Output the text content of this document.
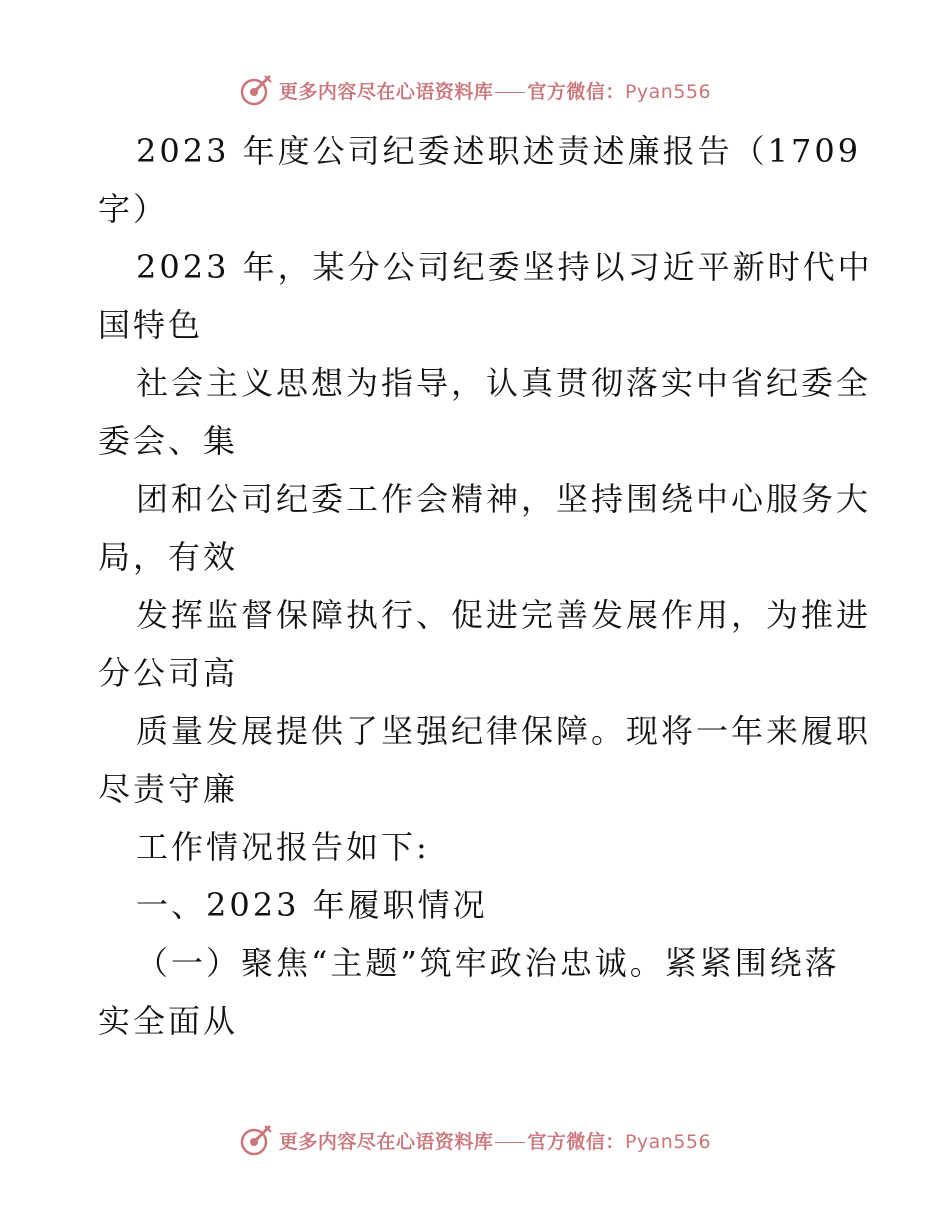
更多内容尽在心语资料库 官方微信：Pyan556

2023 年度公司纪委述职述责述廉报告（1709

字）

2023 年，某分公司纪委坚持以习近平新时代中

国特色

社会主义思想为指导，认真贯彻落实中省纪委全

委会、集

团和公司纪委工作会精神，坚持围绕中心服务大

局，有效

发挥监督保障执行、促进完善发展作用，为推进

分公司高

质量发展提供了坚强纪律保障。现将一年来履职

尽责守廉

工作情况报告如下:

一、2023 年履职情况

（一）聚焦“主题”筑牢政治忠诚。紧紧围绕落

实全面从

更多内容尽在心语资料库 官方微信：Pyan556
